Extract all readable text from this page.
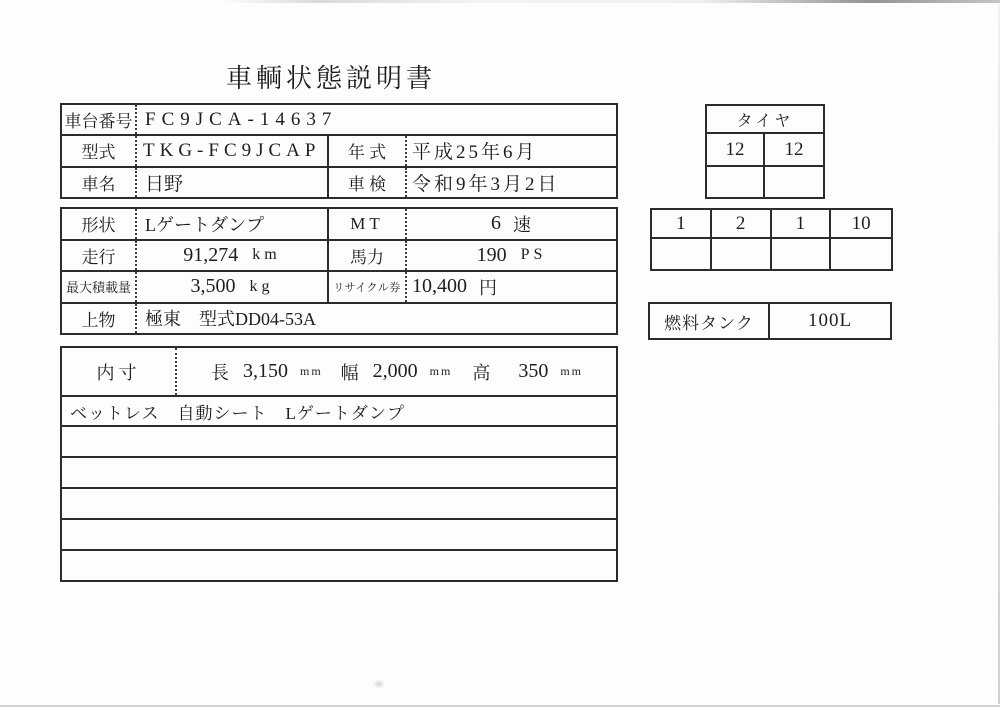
車輌状態説明書
車台番号 FC9JCA-14637
型式	TKG-FC9JCAP	年 式	平成25年6月
車名	日野	車 検	令和9年3月2日
形状	Lゲートダンプ	MT	6 速
走行	91,274 km	馬力	190 PS
最大積載量	3,500 kg	リサイクル券 10,400 円
上物	極東　型式DD04-53A
内寸	長 3,150 mm 幅 2,000 mm 高 350 mm
ベットレス　自動シート　Lゲートダンプ
タイヤ
12	12
1	2	1	10
燃料タンク	100L
